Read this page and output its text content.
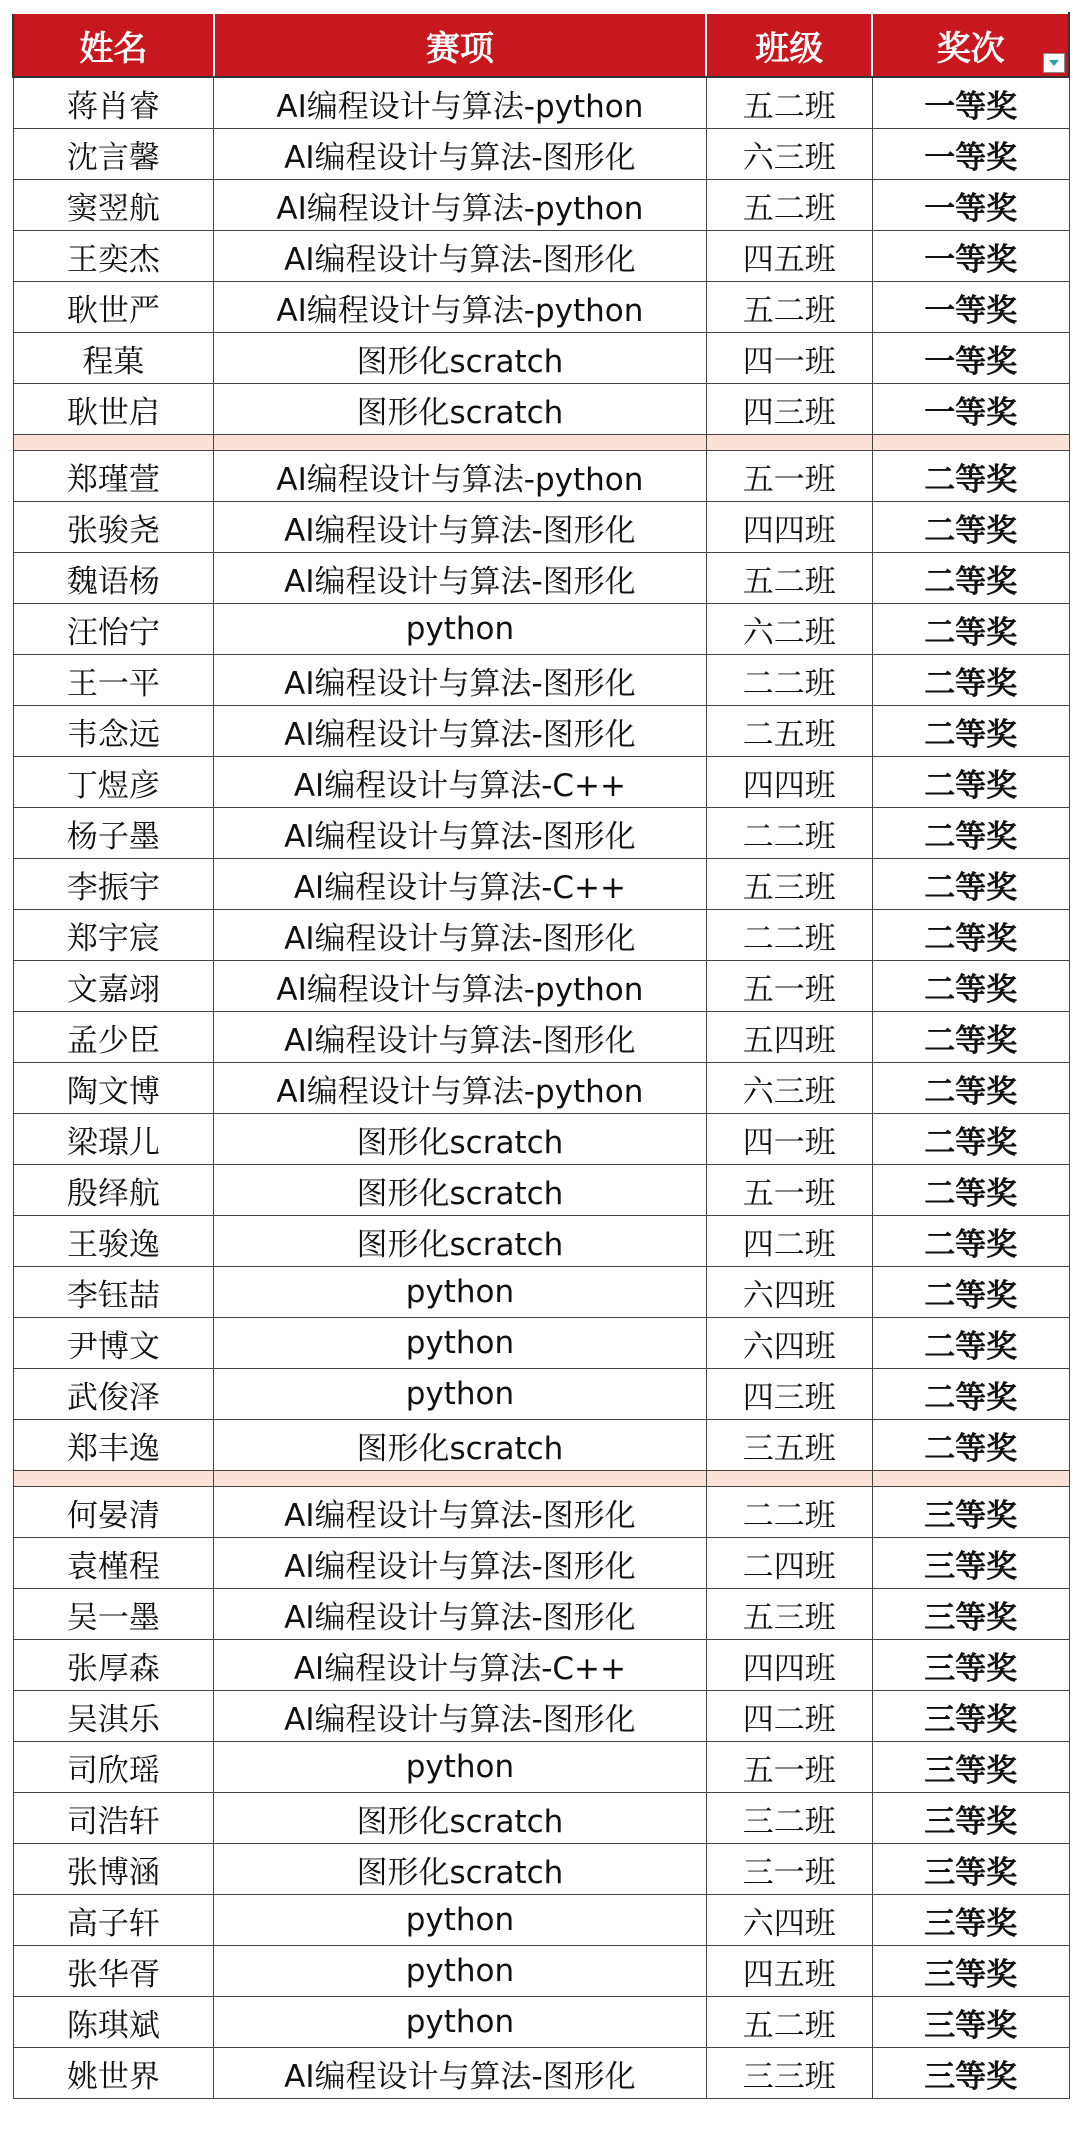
姓名	赛项	班级	奖次

蒋肖睿	AI编程设计与算法-python	五二班	一等奖
沈言馨	AI编程设计与算法-图形化	六三班	一等奖
窦翌航	AI编程设计与算法-python	五二班	一等奖
王奕杰	AI编程设计与算法-图形化	四五班	一等奖
耿世严	AI编程设计与算法-python	五二班	一等奖
程菓	图形化scratch	四一班	一等奖
耿世启	图形化scratch	四三班	一等奖

郑瑾萱	AI编程设计与算法-python	五一班	二等奖
张骏尧	AI编程设计与算法-图形化	四四班	二等奖
魏语杨	AI编程设计与算法-图形化	五二班	二等奖
汪怡宁	python	六二班	二等奖
王一平	AI编程设计与算法-图形化	二二班	二等奖
韦念远	AI编程设计与算法-图形化	二五班	二等奖
丁煜彦	AI编程设计与算法-C++	四四班	二等奖
杨子墨	AI编程设计与算法-图形化	二二班	二等奖
李振宇	AI编程设计与算法-C++	五三班	二等奖
郑宇宸	AI编程设计与算法-图形化	二二班	二等奖
文嘉翊	AI编程设计与算法-python	五一班	二等奖
孟少臣	AI编程设计与算法-图形化	五四班	二等奖
陶文博	AI编程设计与算法-python	六三班	二等奖
梁璟儿	图形化scratch	四一班	二等奖
殷绎航	图形化scratch	五一班	二等奖
王骏逸	图形化scratch	四二班	二等奖
李钰喆	python	六四班	二等奖
尹博文	python	六四班	二等奖
武俊泽	python	四三班	二等奖
郑丰逸	图形化scratch	三五班	二等奖

何晏清	AI编程设计与算法-图形化	二二班	三等奖
袁槿程	AI编程设计与算法-图形化	二四班	三等奖
吴一墨	AI编程设计与算法-图形化	五三班	三等奖
张厚森	AI编程设计与算法-C++	四四班	三等奖
吴淇乐	AI编程设计与算法-图形化	四二班	三等奖
司欣瑶	python	五一班	三等奖
司浩轩	图形化scratch	三二班	三等奖
张博涵	图形化scratch	三一班	三等奖
高子轩	python	六四班	三等奖
张华胥	python	四五班	三等奖
陈琪斌	python	五二班	三等奖
姚世界	AI编程设计与算法-图形化	三三班	三等奖
